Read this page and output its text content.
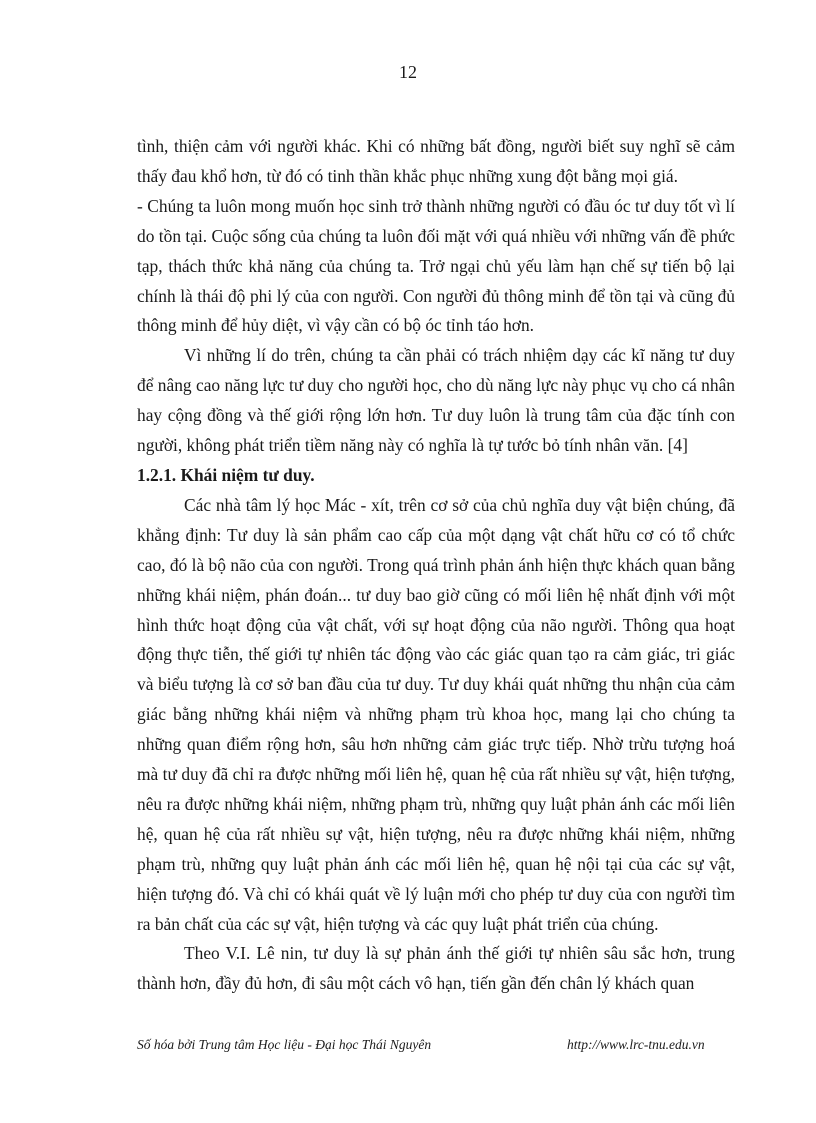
12

tình, thiện cảm với người khác. Khi có những bất đồng, người biết suy nghĩ sẽ cảm thấy đau khổ hơn, từ đó có tinh thần khắc phục những xung đột bằng mọi giá.

- Chúng ta luôn mong muốn học sinh trở thành những người có đầu óc tư duy tốt vì lí do tồn tại. Cuộc sống của chúng ta luôn đối mặt với quá nhiều với những vấn đề phức tạp, thách thức khả năng của chúng ta. Trở ngại chủ yếu làm hạn chế sự tiến bộ lại chính là thái độ phi lý của con người. Con người đủ thông minh để tồn tại và cũng đủ thông minh để hủy diệt, vì vậy cần có bộ óc tỉnh táo hơn.

Vì những lí do trên, chúng ta cần phải có trách nhiệm dạy các kĩ năng tư duy để nâng cao năng lực tư duy cho người học, cho dù năng lực này phục vụ cho cá nhân hay cộng đồng và thế giới rộng lớn hơn. Tư duy luôn là trung tâm của đặc tính con người, không phát triển tiềm năng này có nghĩa là tự tước bỏ tính nhân văn. [4]

1.2.1. Khái niệm tư duy.

Các nhà tâm lý học Mác - xít, trên cơ sở của chủ nghĩa duy vật biện chúng, đã khẳng định: Tư duy là sản phẩm cao cấp của một dạng vật chất hữu cơ có tổ chức cao, đó là bộ não của con người. Trong quá trình phản ánh hiện thực khách quan bằng những khái niệm, phán đoán... tư duy bao giờ cũng có mối liên hệ nhất định với một hình thức hoạt động của vật chất, với sự hoạt động của não người. Thông qua hoạt động thực tiễn, thế giới tự nhiên tác động vào các giác quan tạo ra cảm giác, tri giác và biểu tượng là cơ sở ban đầu của tư duy. Tư duy khái quát những thu nhận của cảm giác bằng những khái niệm và những phạm trù khoa học, mang lại cho chúng ta những quan điểm rộng hơn, sâu hơn những cảm giác trực tiếp. Nhờ trừu tượng hoá mà tư duy đã chỉ ra được những mối liên hệ, quan hệ của rất nhiều sự vật, hiện tượng, nêu ra được những khái niệm, những phạm trù, những quy luật phản ánh các mối liên hệ, quan hệ của rất nhiều sự vật, hiện tượng, nêu ra được những khái niệm, những phạm trù, những quy luật phản ánh các mối liên hệ, quan hệ nội tại của các sự vật, hiện tượng đó. Và chỉ có khái quát về lý luận mới cho phép tư duy của con người tìm ra bản chất của các sự vật, hiện tượng và các quy luật phát triển của chúng.

Theo V.I. Lê nin, tư duy là sự phản ánh thế giới tự nhiên sâu sắc hơn, trung thành hơn, đầy đủ hơn, đi sâu một cách vô hạn, tiến gần đến chân lý khách quan

Số hóa bởi Trung tâm Học liệu - Đại học Thái Nguyên	http://www.lrc-tnu.edu.vn
